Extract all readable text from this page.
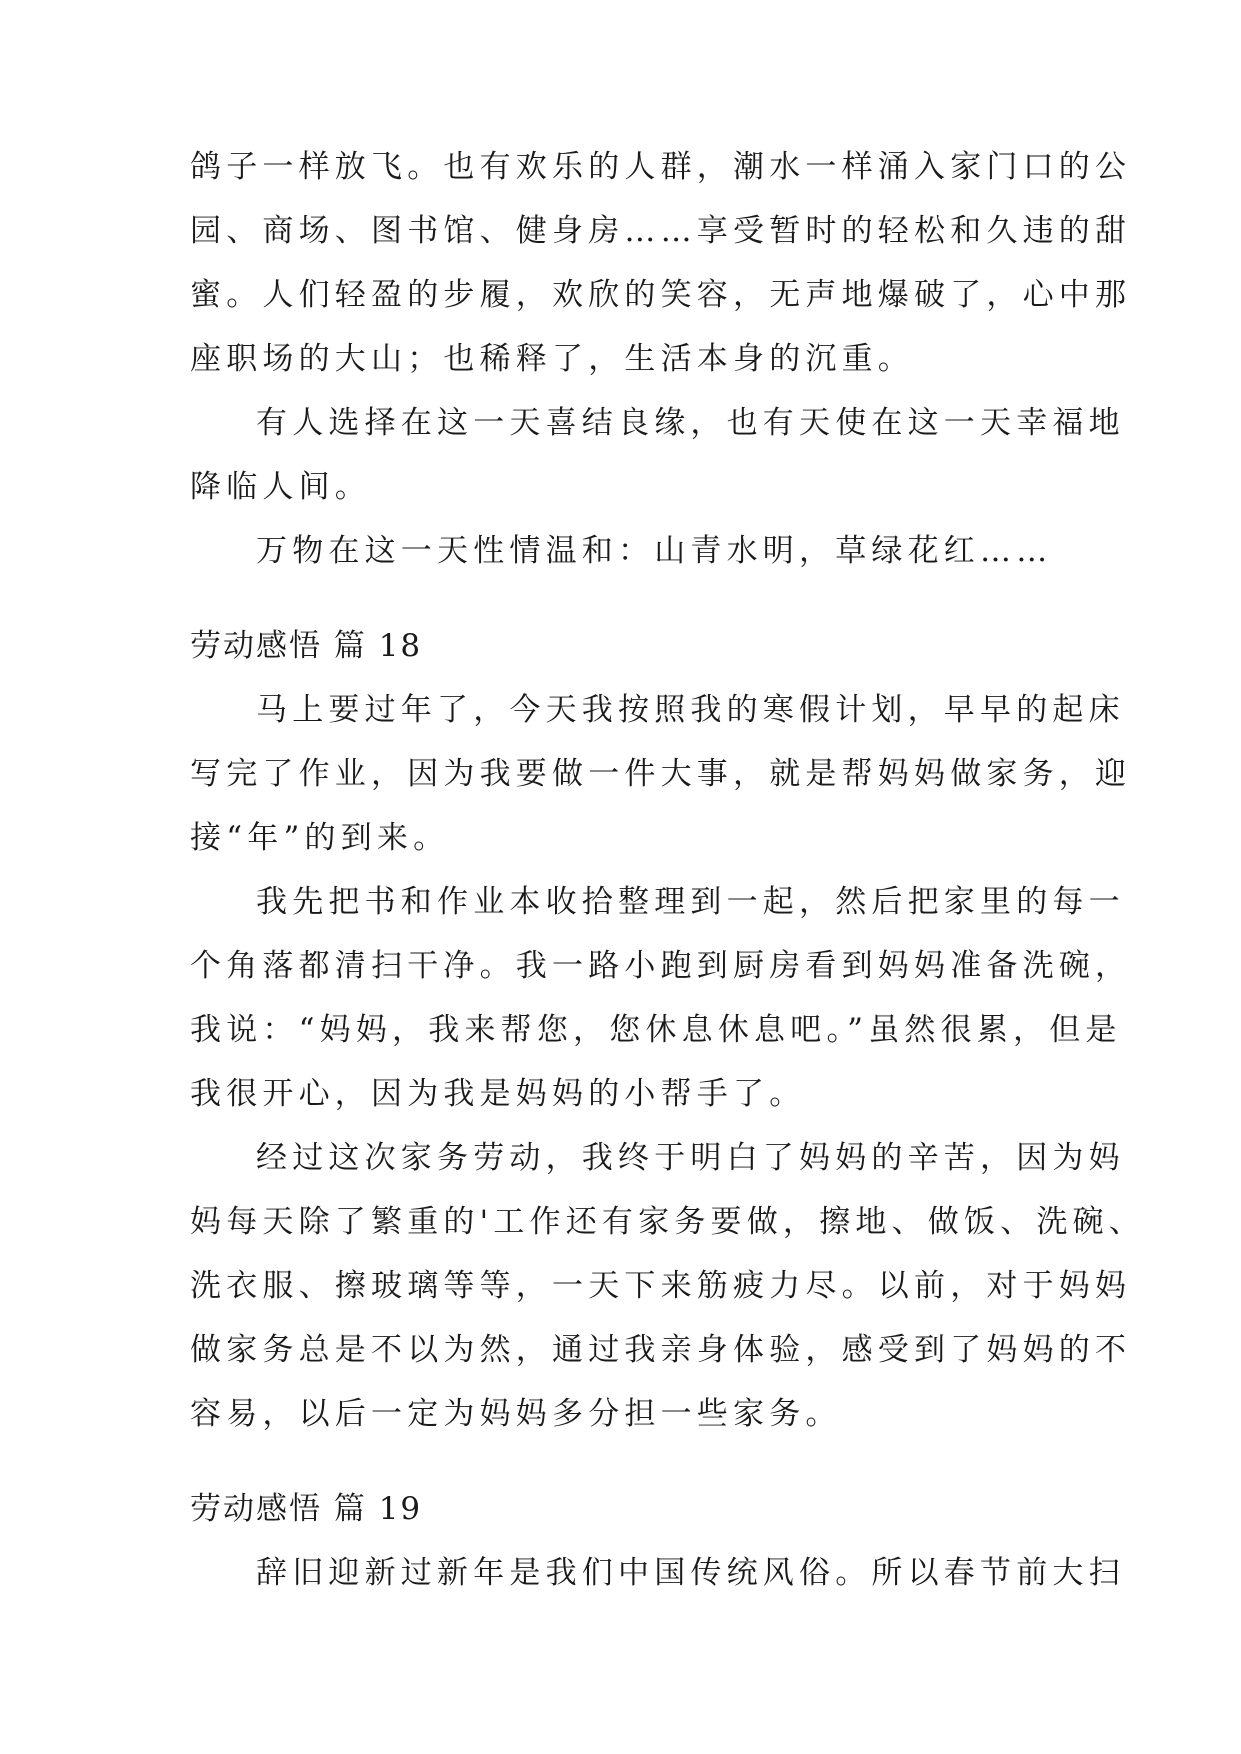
鸽子一样放飞。也有欢乐的人群，潮水一样涌入家门口的公
园、商场、图书馆、健身房……享受暂时的轻松和久违的甜
蜜。人们轻盈的步履，欢欣的笑容，无声地爆破了，心中那
座职场的大山；也稀释了，生活本身的沉重。
有人选择在这一天喜结良缘，也有天使在这一天幸福地
降临人间。
万物在这一天性情温和：山青水明，草绿花红……
劳动感悟 篇 18
马上要过年了，今天我按照我的寒假计划，早早的起床
写完了作业，因为我要做一件大事，就是帮妈妈做家务，迎
接“年”的到来。
我先把书和作业本收拾整理到一起，然后把家里的每一
个角落都清扫干净。我一路小跑到厨房看到妈妈准备洗碗，
我说：“妈妈，我来帮您，您休息休息吧。”虽然很累，但是
我很开心，因为我是妈妈的小帮手了。
经过这次家务劳动，我终于明白了妈妈的辛苦，因为妈
妈每天除了繁重的'工作还有家务要做，擦地、做饭、洗碗、
洗衣服、擦玻璃等等，一天下来筋疲力尽。以前，对于妈妈
做家务总是不以为然，通过我亲身体验，感受到了妈妈的不
容易，以后一定为妈妈多分担一些家务。
劳动感悟 篇 19
辞旧迎新过新年是我们中国传统风俗。所以春节前大扫
